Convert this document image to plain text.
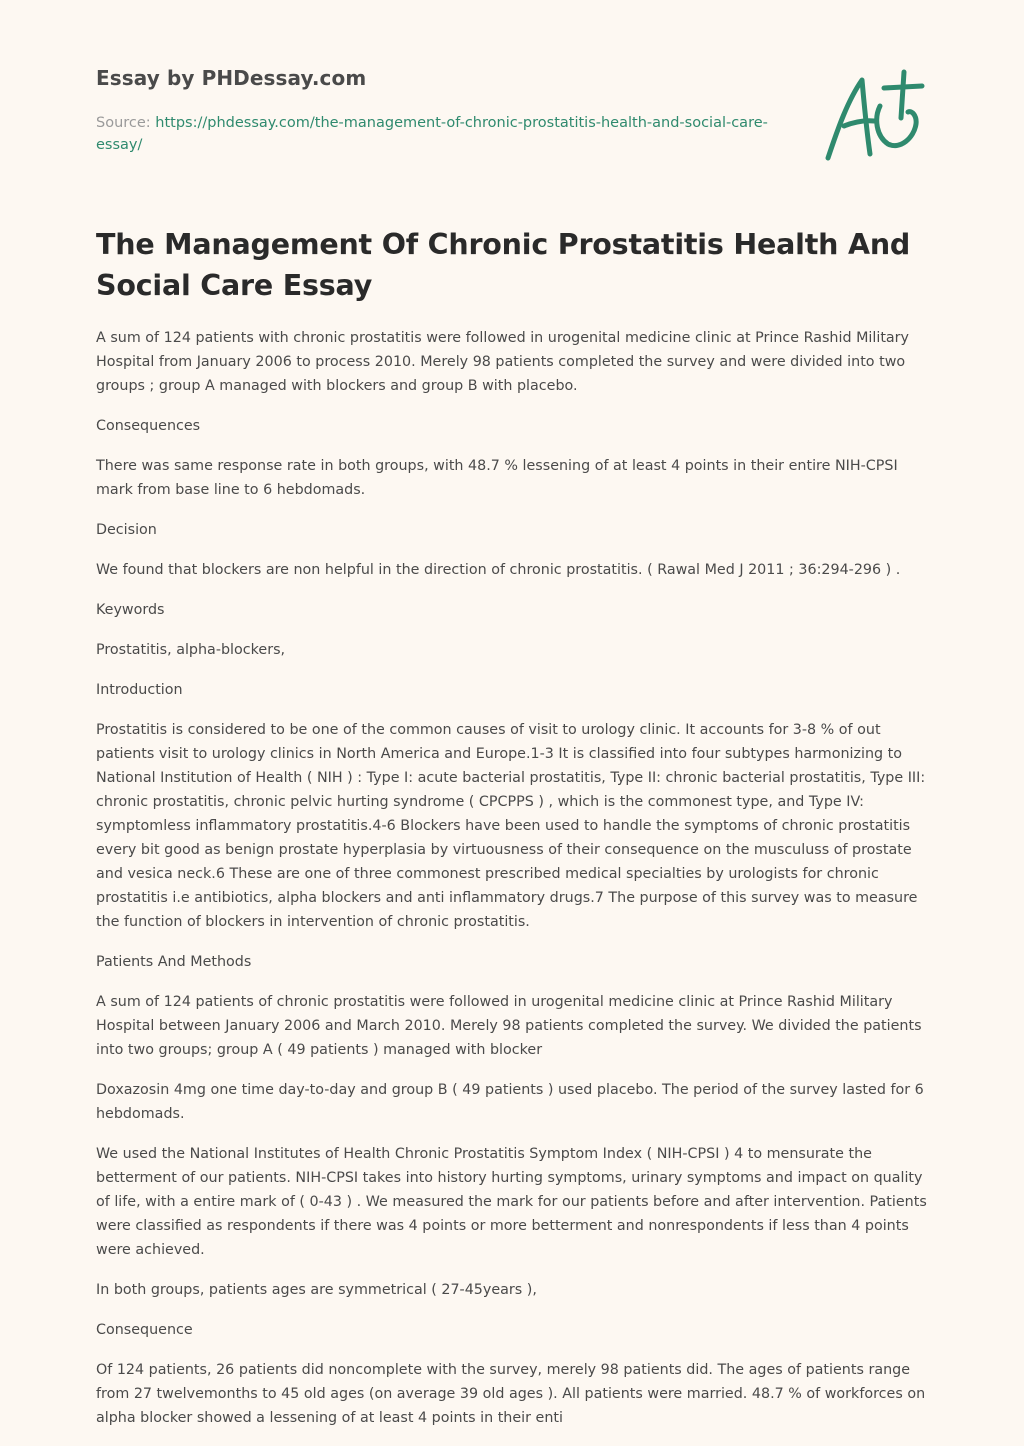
Essay by PHDessay.com
Source: https://phdessay.com/the-management-of-chronic-prostatitis-health-and-social-care-essay/
The Management Of Chronic Prostatitis Health And Social Care Essay

A sum of 124 patients with chronic prostatitis were followed in urogenital medicine clinic at Prince Rashid Military Hospital from January 2006 to process 2010. Merely 98 patients completed the survey and were divided into two groups ; group A managed with blockers and group B with placebo.

Consequences

There was same response rate in both groups, with 48.7 % lessening of at least 4 points in their entire NIH-CPSI mark from base line to 6 hebdomads.

Decision

We found that blockers are non helpful in the direction of chronic prostatitis. ( Rawal Med J 2011 ; 36:294-296 ) .

Keywords

Prostatitis, alpha-blockers,

Introduction

Prostatitis is considered to be one of the common causes of visit to urology clinic. It accounts for 3-8 % of out patients visit to urology clinics in North America and Europe.1-3 It is classified into four subtypes harmonizing to National Institution of Health ( NIH ) : Type I: acute bacterial prostatitis, Type II: chronic bacterial prostatitis, Type III: chronic prostatitis, chronic pelvic hurting syndrome ( CPCPPS ) , which is the commonest type, and Type IV: symptomless inflammatory prostatitis.4-6 Blockers have been used to handle the symptoms of chronic prostatitis every bit good as benign prostate hyperplasia by virtuousness of their consequence on the musculuss of prostate and vesica neck.6 These are one of three commonest prescribed medical specialties by urologists for chronic prostatitis i.e antibiotics, alpha blockers and anti inflammatory drugs.7 The purpose of this survey was to measure the function of blockers in intervention of chronic prostatitis.

Patients And Methods

A sum of 124 patients of chronic prostatitis were followed in urogenital medicine clinic at Prince Rashid Military Hospital between January 2006 and March 2010. Merely 98 patients completed the survey. We divided the patients into two groups; group A ( 49 patients ) managed with blocker

Doxazosin 4mg one time day-to-day and group B ( 49 patients ) used placebo. The period of the survey lasted for 6 hebdomads.

We used the National Institutes of Health Chronic Prostatitis Symptom Index ( NIH-CPSI ) 4 to mensurate the betterment of our patients. NIH-CPSI takes into history hurting symptoms, urinary symptoms and impact on quality of life, with a entire mark of ( 0-43 ) . We measured the mark for our patients before and after intervention. Patients were classified as respondents if there was 4 points or more betterment and nonrespondents if less than 4 points were achieved.

In both groups, patients ages are symmetrical ( 27-45years ),

Consequence

Of 124 patients, 26 patients did noncomplete with the survey, merely 98 patients did. The ages of patients range from 27 twelvemonths to 45 old ages (on average 39 old ages ). All patients were married. 48.7 % of workforces on alpha blocker showed a lessening of at least 4 points in their enti
